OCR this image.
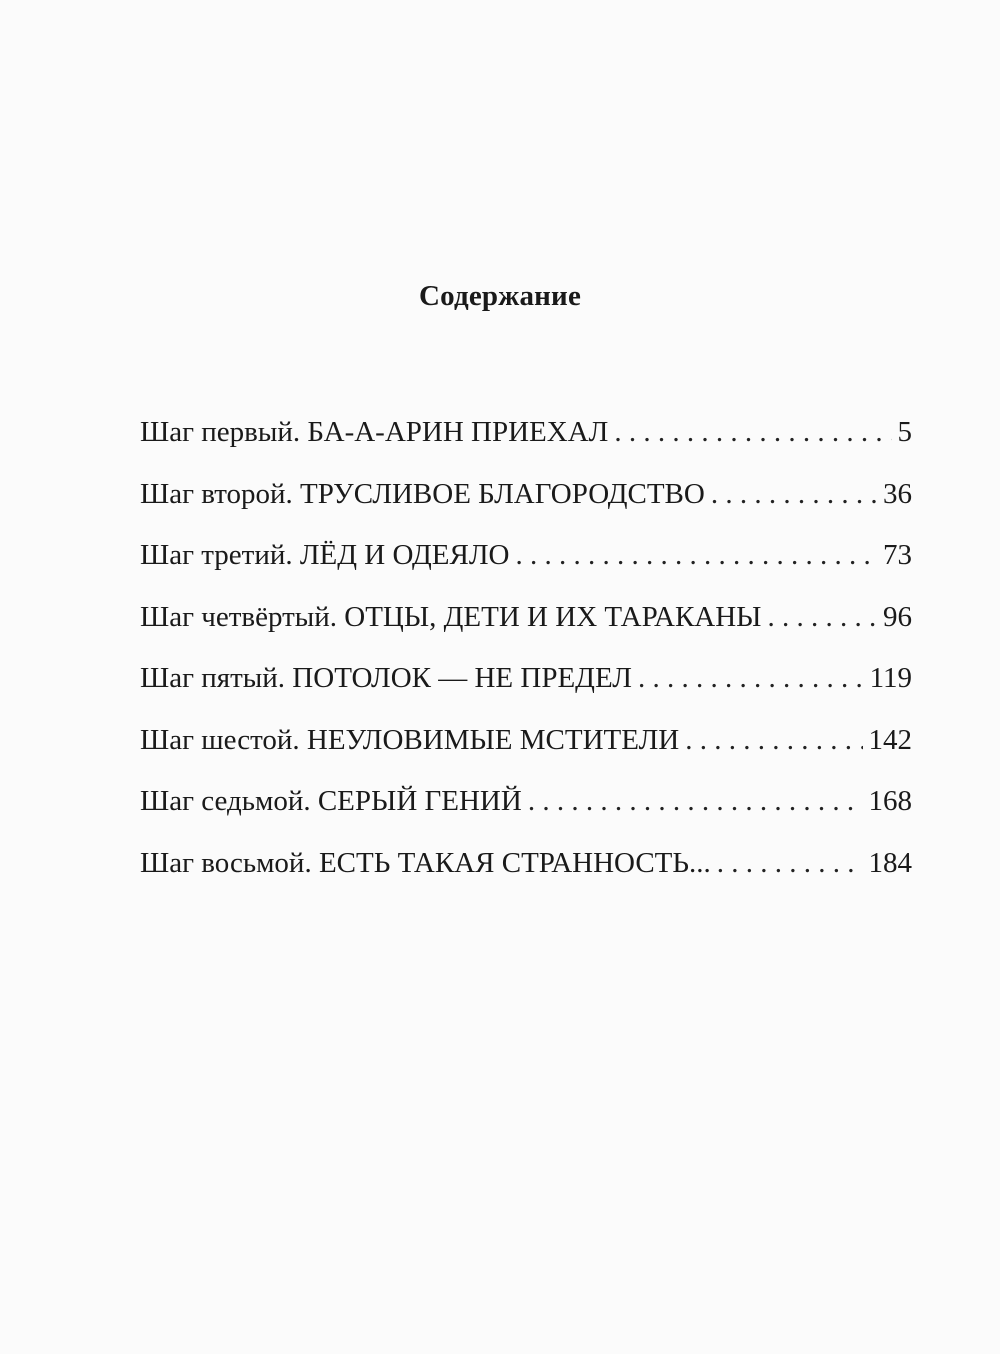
Содержание
Шаг первый. БА-А-АРИН ПРИЕХАЛ . . .	5
Шаг второй. ТРУСЛИВОЕ БЛАГОРОДСТВО . . .	36
Шаг третий. ЛЁД И ОДЕЯЛО . . .	73
Шаг четвёртый. ОТЦЫ, ДЕТИ И ИХ ТАРАКАНЫ . . .	96
Шаг пятый. ПОТОЛОК — НЕ ПРЕДЕЛ . . .	119
Шаг шестой. НЕУЛОВИМЫЕ МСТИТЕЛИ . . .	142
Шаг седьмой. СЕРЫЙ ГЕНИЙ . . .	168
Шаг восьмой. ЕСТЬ ТАКАЯ СТРАННОСТЬ... . . .	184
